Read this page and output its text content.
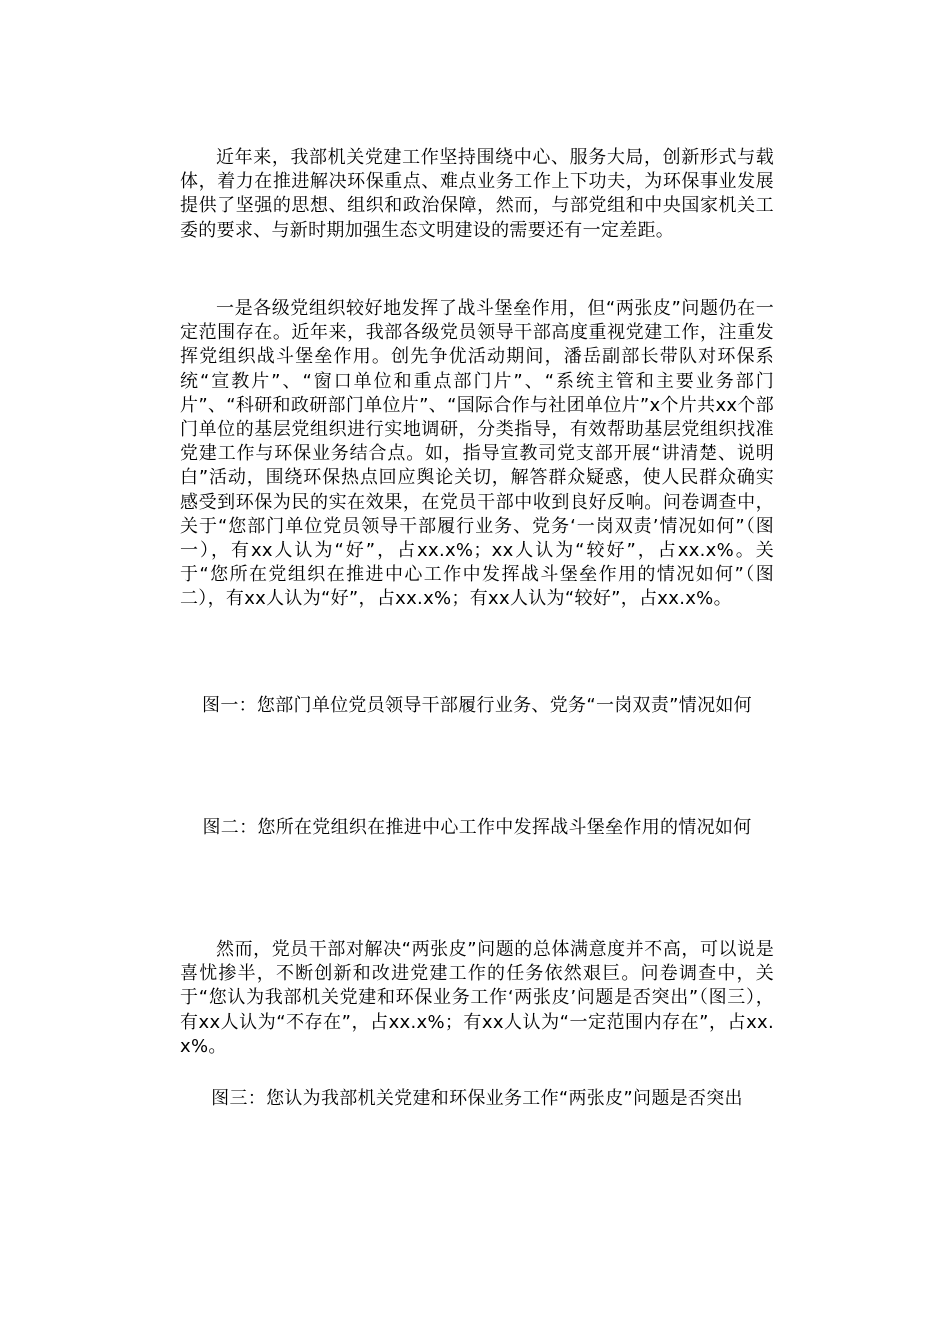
近年来，我部机关党建工作坚持围绕中心、服务大局，创新形式与载体，着力在推进解决环保重点、难点业务工作上下功夫，为环保事业发展提供了坚强的思想、组织和政治保障，然而，与部党组和中央国家机关工委的要求、与新时期加强生态文明建设的需要还有一定差距。

一是各级党组织较好地发挥了战斗堡垒作用，但“两张皮”问题仍在一定范围存在。近年来，我部各级党员领导干部高度重视党建工作，注重发挥党组织战斗堡垒作用。创先争优活动期间，潘岳副部长带队对环保系统“宣教片”、“窗口单位和重点部门片”、“系统主管和主要业务部门片”、“科研和政研部门单位片”、“国际合作与社团单位片”x个片共xx个部门单位的基层党组织进行实地调研，分类指导，有效帮助基层党组织找准党建工作与环保业务结合点。如，指导宣教司党支部开展“讲清楚、说明白”活动，围绕环保热点回应舆论关切，解答群众疑惑，使人民群众确实感受到环保为民的实在效果，在党员干部中收到良好反响。问卷调查中，关于“您部门单位党员领导干部履行业务、党务‘一岗双责’情况如何”（图一），有xx人认为“好”，占xx.x%；xx人认为“较好”，占xx.x%。关于“您所在党组织在推进中心工作中发挥战斗堡垒作用的情况如何”（图二），有xx人认为“好”，占xx.x%；有xx人认为“较好”，占xx.x%。

图一：您部门单位党员领导干部履行业务、党务“一岗双责”情况如何

图二：您所在党组织在推进中心工作中发挥战斗堡垒作用的情况如何

然而，党员干部对解决“两张皮”问题的总体满意度并不高，可以说是喜忧掺半，不断创新和改进党建工作的任务依然艰巨。问卷调查中，关于“您认为我部机关党建和环保业务工作‘两张皮’问题是否突出”（图三），有xx人认为“不存在”，占xx.x%；有xx人认为“一定范围内存在”，占xx.x%。

图三：您认为我部机关党建和环保业务工作“两张皮”问题是否突出
